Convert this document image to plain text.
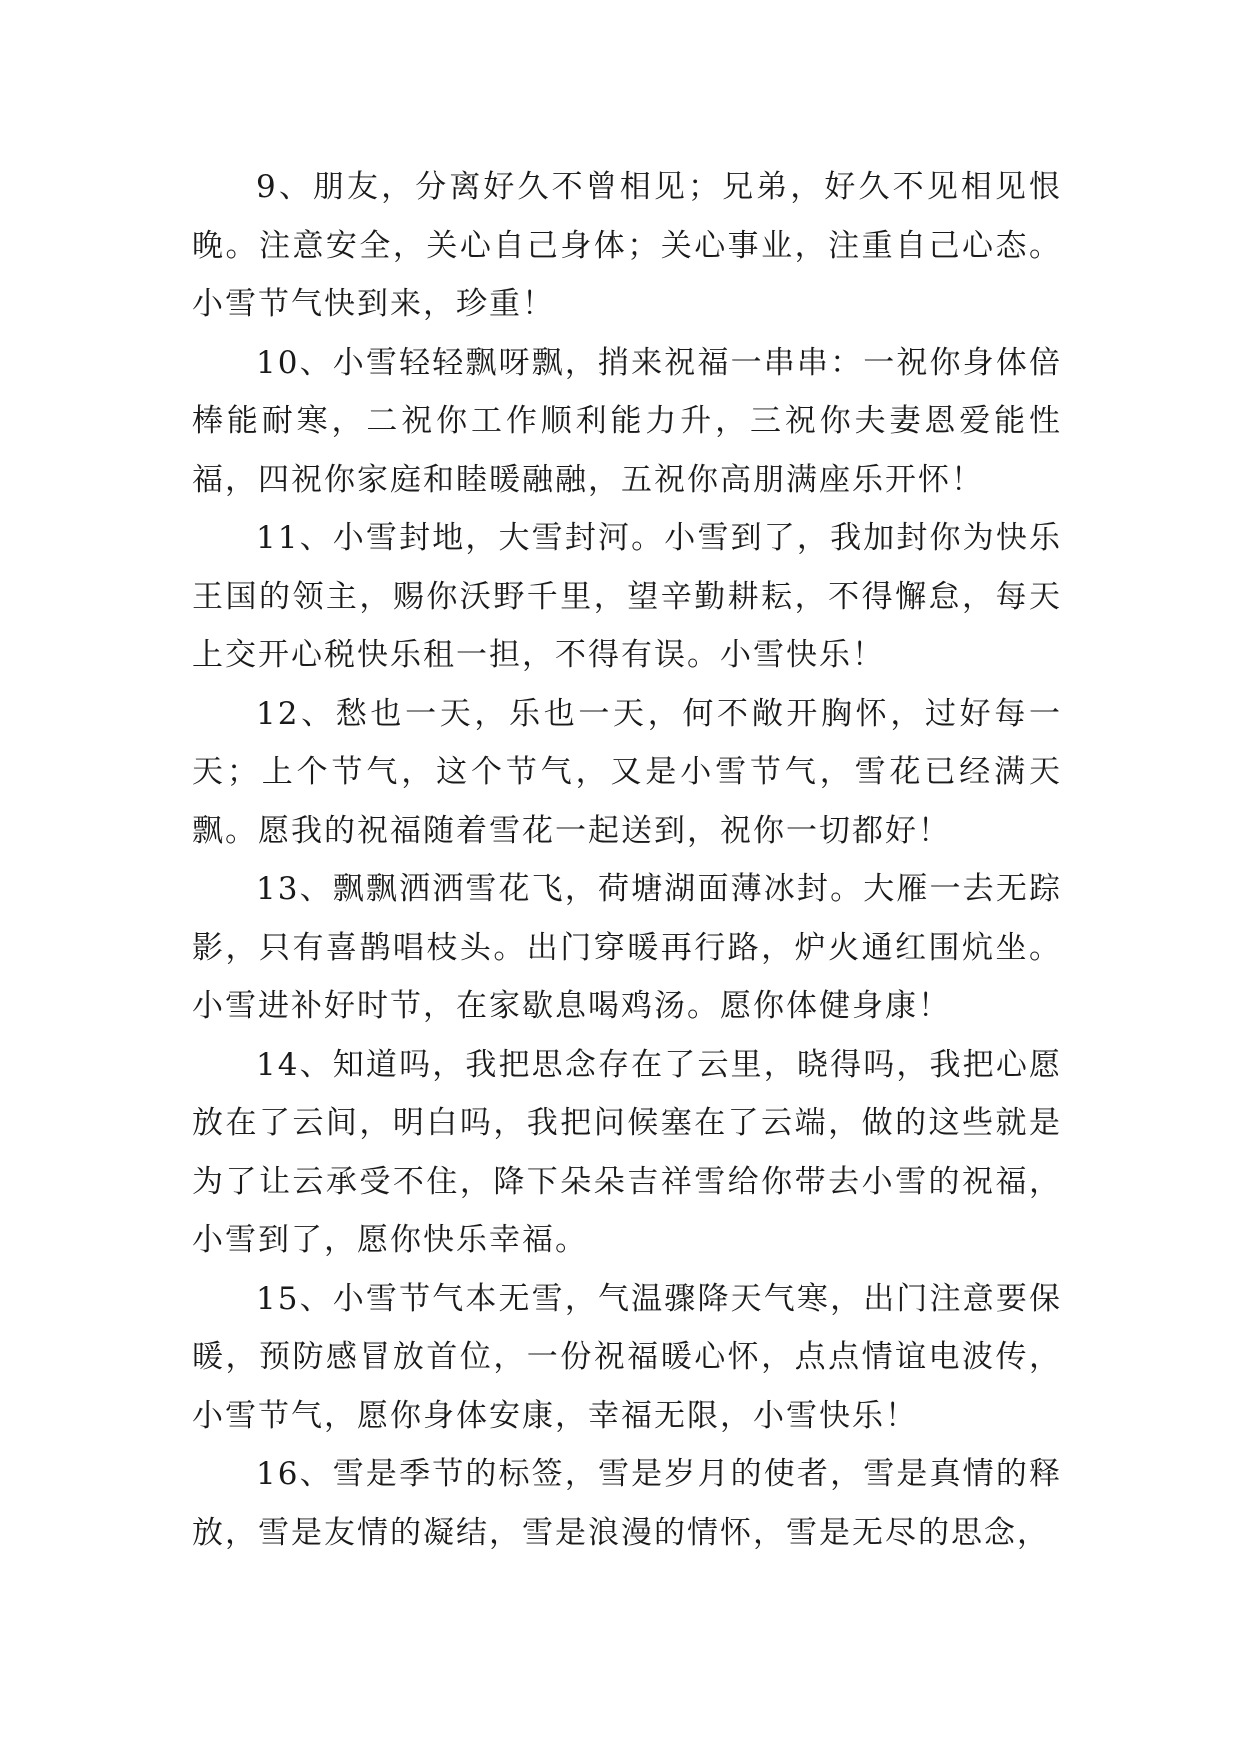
9、朋友，分离好久不曾相见；兄弟，好久不见相见恨晚。注意安全，关心自己身体；关心事业，注重自己心态。小雪节气快到来，珍重！

10、小雪轻轻飘呀飘，捎来祝福一串串：一祝你身体倍棒能耐寒，二祝你工作顺利能力升，三祝你夫妻恩爱能性福，四祝你家庭和睦暖融融，五祝你高朋满座乐开怀！

11、小雪封地，大雪封河。小雪到了，我加封你为快乐王国的领主，赐你沃野千里，望辛勤耕耘，不得懈怠，每天上交开心税快乐租一担，不得有误。小雪快乐！

12、愁也一天，乐也一天，何不敞开胸怀，过好每一天；上个节气，这个节气，又是小雪节气，雪花已经满天飘。愿我的祝福随着雪花一起送到，祝你一切都好！

13、飘飘洒洒雪花飞，荷塘湖面薄冰封。大雁一去无踪影，只有喜鹊唱枝头。出门穿暖再行路，炉火通红围炕坐。小雪进补好时节，在家歇息喝鸡汤。愿你体健身康！

14、知道吗，我把思念存在了云里，晓得吗，我把心愿放在了云间，明白吗，我把问候塞在了云端，做的这些就是为了让云承受不住，降下朵朵吉祥雪给你带去小雪的祝福，小雪到了，愿你快乐幸福。

15、小雪节气本无雪，气温骤降天气寒，出门注意要保暖，预防感冒放首位，一份祝福暖心怀，点点情谊电波传，小雪节气，愿你身体安康，幸福无限，小雪快乐！

16、雪是季节的标签，雪是岁月的使者，雪是真情的释放，雪是友情的凝结，雪是浪漫的情怀，雪是无尽的思念，
